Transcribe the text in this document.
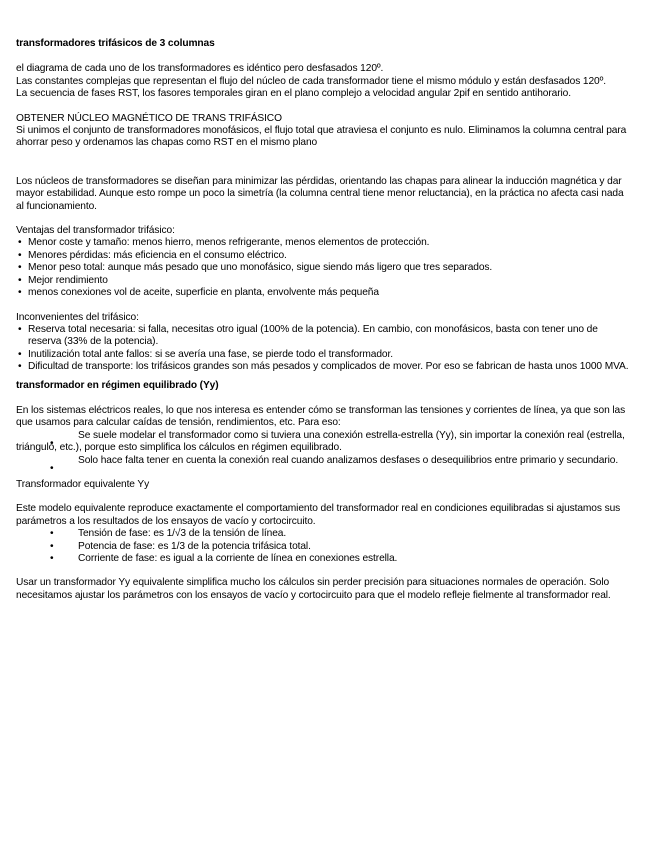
transformadores trifásicos de 3 columnas
el diagrama de cada uno de los transformadores es idéntico pero desfasados 120º.
Las constantes complejas que representan el flujo del núcleo de cada transformador tiene el mismo módulo y están desfasados 120º.
La secuencia de fases RST, los fasores temporales giran en el plano complejo a velocidad angular 2pif en sentido antihorario.
OBTENER NÚCLEO MAGNÉTICO DE TRANS TRIFÁSICO

Si unimos el conjunto de transformadores monofásicos, el flujo total que atraviesa el conjunto es nulo. Eliminamos la columna central para ahorrar peso y ordenamos las chapas como RST en el mismo plano

Los núcleos de transformadores se diseñan para minimizar las pérdidas, orientando las chapas para alinear la inducción magnética y dar mayor estabilidad. Aunque esto rompe un poco la simetría (la columna central tiene menor reluctancia), en la práctica no afecta casi nada al funcionamiento.

Ventajas del transformador trifásico:
• Menor coste y tamaño: menos hierro, menos refrigerante, menos elementos de protección.
• Menores pérdidas: más eficiencia en el consumo eléctrico.
• Menor peso total: aunque más pesado que uno monofásico, sigue siendo más ligero que tres separados.
• Mejor rendimiento
• menos conexiones vol de aceite, superficie en planta, envolvente más pequeña
Inconvenientes del trifásico:
• Reserva total necesaria: si falla, necesitas otro igual (100% de la potencia). En cambio, con monofásicos, basta con tener uno de reserva (33% de la potencia).
• Inutilización total ante fallos: si se avería una fase, se pierde todo el transformador.
• Dificultad de transporte: los trifásicos grandes son más pesados y complicados de mover. Por eso se fabrican de hasta unos 1000 MVA.
transformador en régimen equilibrado (Yy)

En los sistemas eléctricos reales, lo que nos interesa es entender cómo se transforman las tensiones y corrientes de línea, ya que son las que usamos para calcular caídas de tensión, rendimientos, etc. Para eso:

Se suele modelar el transformador como si tuviera una conexión estrella-estrella (Yy), sin importar la conexión real (estrella, triángulo, etc.), porque esto simplifica los cálculos en régimen equilibrado.

Solo hace falta tener en cuenta la conexión real cuando analizamos desfases o desequilibrios entre primario y secundario.

Transformador equivalente Yy

Este modelo equivalente reproduce exactamente el comportamiento del transformador real en condiciones equilibradas si ajustamos sus parámetros a los resultados de los ensayos de vacío y cortocircuito.

• Tensión de fase: es 1/√3 de la tensión de línea.
• Potencia de fase: es 1/3 de la potencia trifásica total.
• Corriente de fase: es igual a la corriente de línea en conexiones estrella.

Usar un transformador Yy equivalente simplifica mucho los cálculos sin perder precisión para situaciones normales de operación. Solo necesitamos ajustar los parámetros con los ensayos de vacío y cortocircuito para que el modelo refleje fielmente al transformador real.
